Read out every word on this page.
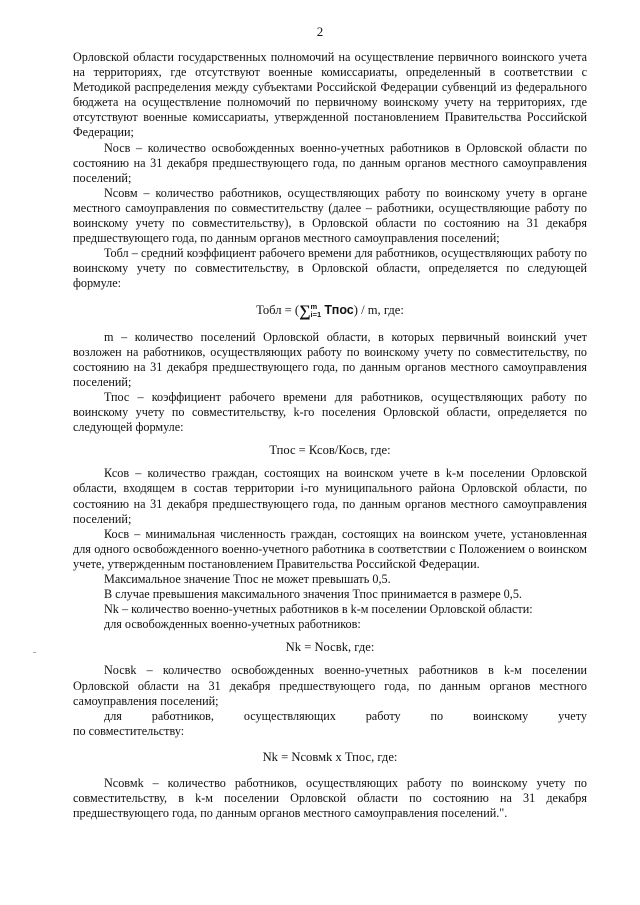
2

Орловской области государственных полномочий на осуществление первичного воинского учета на территориях, где отсутствуют военные комиссариаты, определенный в соответствии с Методикой распределения между субъектами Российской Федерации субвенций из федерального бюджета на осуществление полномочий по первичному воинскому учету на территориях, где отсутствуют военные комиссариаты, утвержденной постановлением Правительства Российской Федерации;

Nосв – количество освобожденных военно-учетных работников в Орловской области по состоянию на 31 декабря предшествующего года, по данным органов местного самоуправления поселений;

Nсовм – количество работников, осуществляющих работу по воинскому учету в органе местного самоуправления по совместительству (далее – работники, осуществляющие работу по воинскому учету по совместительству), в Орловской области по состоянию на 31 декабря предшествующего года, по данным органов местного самоуправления поселений;

Тобл – средний коэффициент рабочего времени для работников, осуществляющих работу по воинскому учету по совместительству, в Орловской области, определяется по следующей формуле:

Тобл = (∑m
i=1 Тпос) / m, где:

m – количество поселений Орловской области, в которых первичный воинский учет возложен на работников, осуществляющих работу по воинскому учету по совместительству, по состоянию на 31 декабря предшествующего года, по данным органов местного самоуправления поселений;

Тпос – коэффициент рабочего времени для работников, осуществляющих работу по воинскому учету по совместительству, k-го поселения Орловской области, определяется по следующей формуле:

Тпос = Ксов/Косв, где:

Ксов – количество граждан, состоящих на воинском учете в k-м поселении Орловской области, входящем в состав территории i-го муниципального района Орловской области, по состоянию на 31 декабря предшествующего года, по данным органов местного самоуправления поселений;

Косв – минимальная численность граждан, состоящих на воинском учете, установленная для одного освобожденного военно-учетного работника в соответствии с Положением о воинском учете, утвержденным постановлением Правительства Российской Федерации.

Максимальное значение Тпос не может превышать 0,5.

В случае превышения максимального значения Тпос принимается в размере 0,5.

Nk – количество военно-учетных работников в k-м поселении Орловской области:

для освобожденных военно-учетных работников:

Nk = Nосвk, где:

Nосвk – количество освобожденных военно-учетных работников в k-м поселении Орловской области на 31 декабря предшествующего года, по данным органов местного самоуправления поселений;

для работников, осуществляющих работу по воинскому учету

по совместительству:

Nk = Nсовмk х Тпос, где:

Nсовмk – количество работников, осуществляющих работу по воинскому учету по совместительству, в k-м поселении Орловской области по состоянию на 31 декабря предшествующего года, по данным органов местного самоуправления поселений.".
